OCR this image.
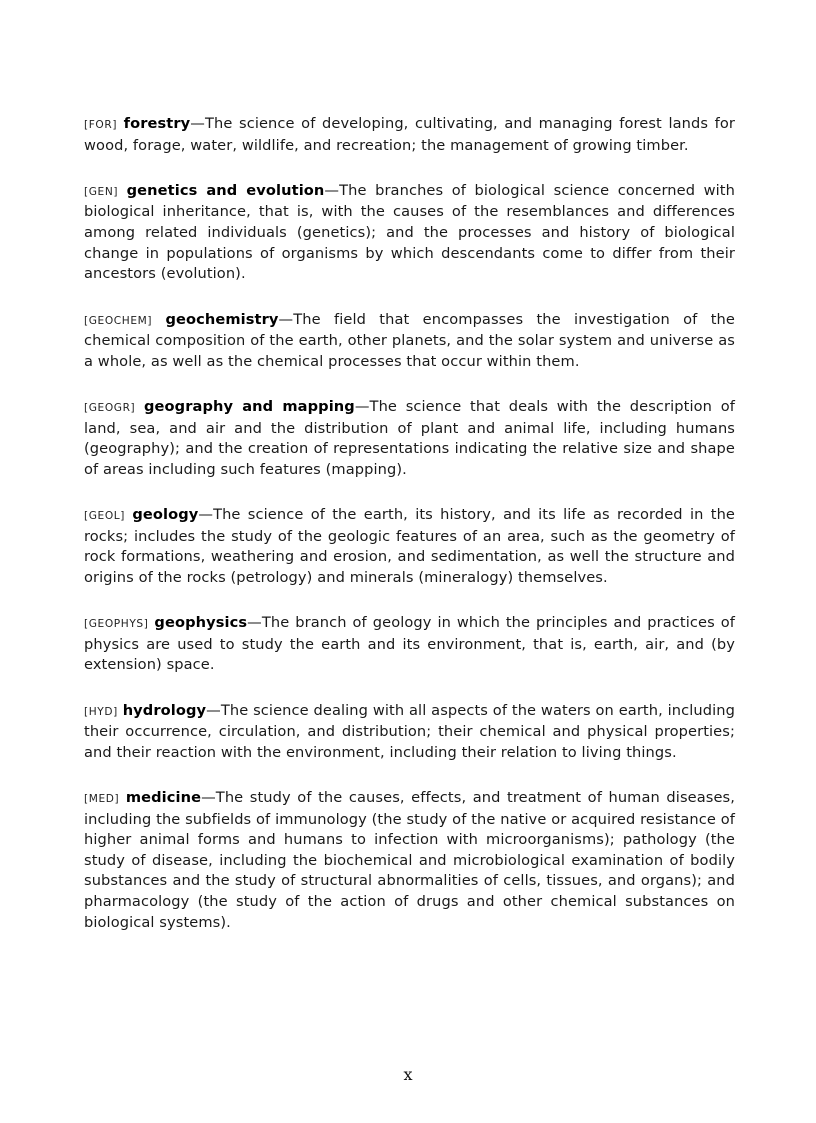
[FOR] forestry—The science of developing, cultivating, and managing forest lands for wood, forage, water, wildlife, and recreation; the management of growing timber.

[GEN] genetics and evolution—The branches of biological science concerned with biological inheritance, that is, with the causes of the resemblances and differences among related individuals (genetics); and the processes and history of biological change in populations of organisms by which descendants come to differ from their ancestors (evolution).

[GEOCHEM] geochemistry—The field that encompasses the investigation of the chemical composition of the earth, other planets, and the solar system and universe as a whole, as well as the chemical processes that occur within them.

[GEOGR] geography and mapping—The science that deals with the description of land, sea, and air and the distribution of plant and animal life, including humans (geography); and the creation of representations indicating the relative size and shape of areas including such features (mapping).

[GEOL] geology—The science of the earth, its history, and its life as recorded in the rocks; includes the study of the geologic features of an area, such as the geometry of rock formations, weathering and erosion, and sedimentation, as well the structure and origins of the rocks (petrology) and minerals (mineralogy) themselves.

[GEOPHYS] geophysics—The branch of geology in which the principles and practices of physics are used to study the earth and its environment, that is, earth, air, and (by extension) space.

[HYD] hydrology—The science dealing with all aspects of the waters on earth, including their occurrence, circulation, and distribution; their chemical and physical properties; and their reaction with the environment, including their relation to living things.

[MED] medicine—The study of the causes, effects, and treatment of human diseases, including the subfields of immunology (the study of the native or acquired resistance of higher animal forms and humans to infection with microorganisms); pathology (the study of disease, including the biochemical and microbiological examination of bodily substances and the study of structural abnormalities of cells, tissues, and organs); and pharmacology (the study of the action of drugs and other chemical substances on biological systems).

x
